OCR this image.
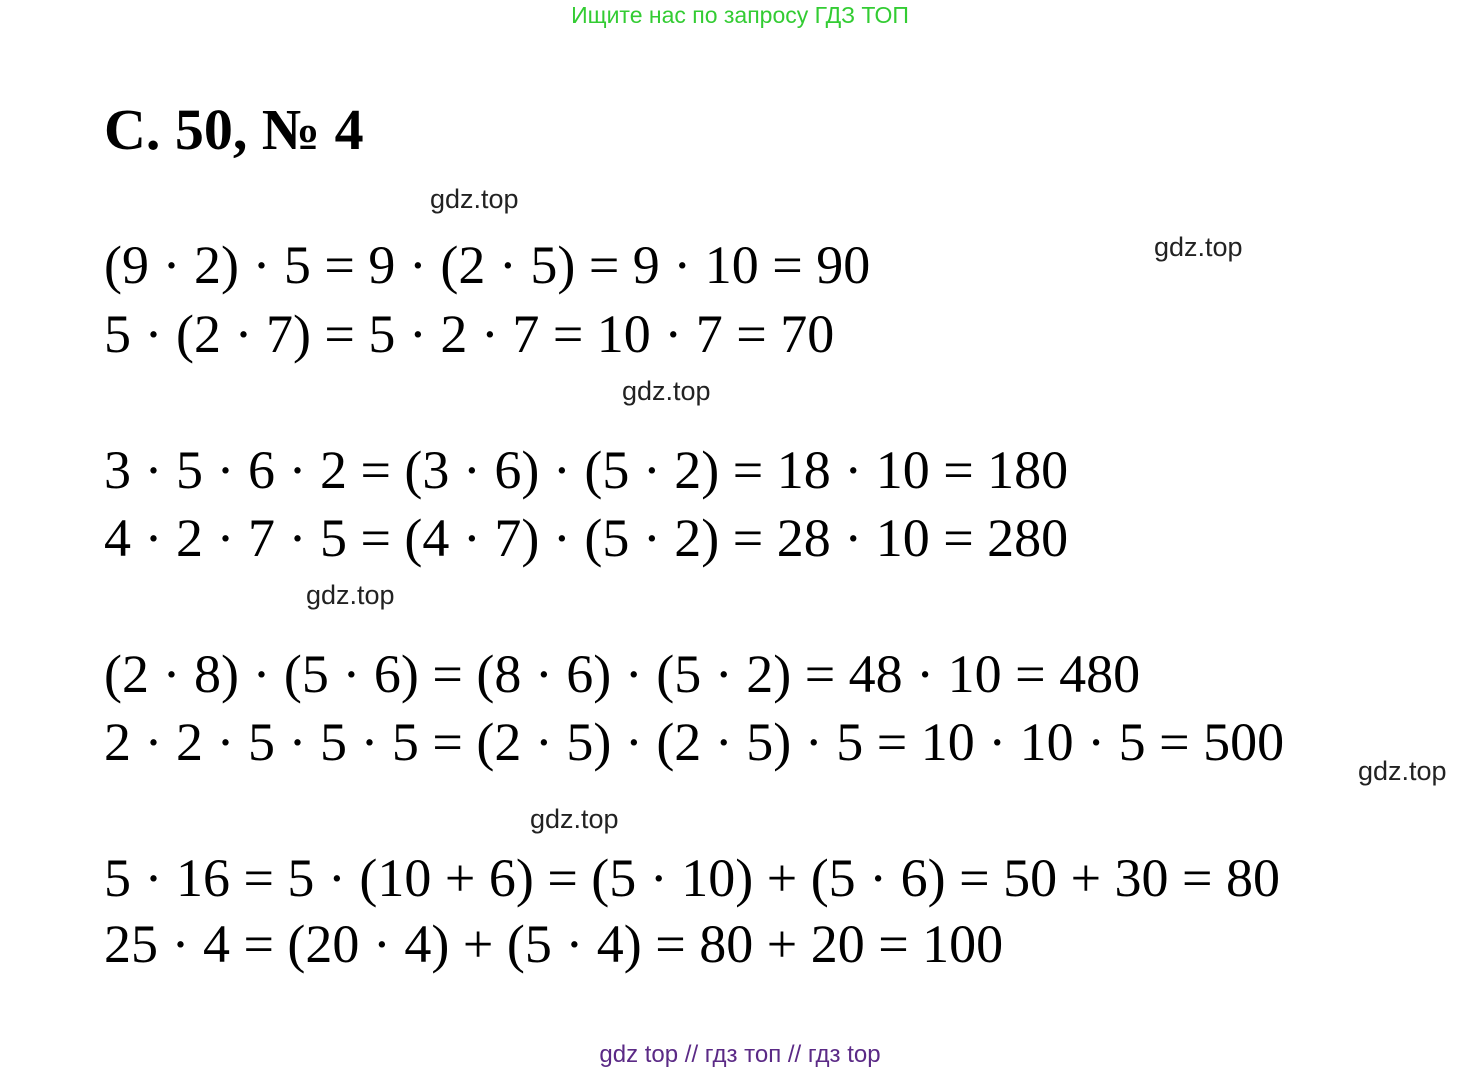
Ищите нас по запросу ГДЗ ТОП
С. 50, № 4
gdz.top
(9 · 2) · 5 = 9 · (2 · 5) = 9 · 10 = 90	gdz.top
5 · (2 · 7) = 5 · 2 · 7 = 10 · 7 = 70
gdz.top
3 · 5 · 6 · 2 = (3 · 6) · (5 · 2) = 18 · 10 = 180
4 · 2 · 7 · 5 = (4 · 7) · (5 · 2) = 28 · 10 = 280
gdz.top
(2 · 8) · (5 · 6) = (8 · 6) · (5 · 2) = 48 · 10 = 480
2 · 2 · 5 · 5 · 5 = (2 · 5) · (2 · 5) · 5 = 10 · 10 · 5 = 500	gdz.top
gdz.top
5 · 16 = 5 · (10 + 6) = (5 · 10) + (5 · 6) = 50 + 30 = 80
25 · 4 = (20 · 4) + (5 · 4) = 80 + 20 = 100
gdz top // гдз топ // гдз top
